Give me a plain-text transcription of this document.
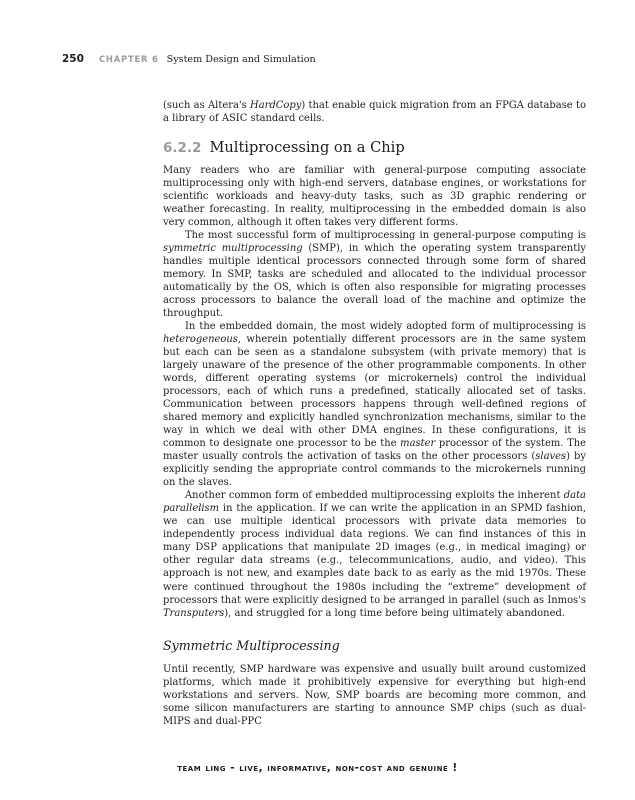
250 CHAPTER 6 System Design and Simulation

(such as Altera's HardCopy) that enable quick migration from an FPGA database to a library of ASIC standard cells.

6.2.2 Multiprocessing on a Chip

Many readers who are familiar with general-purpose computing associate multiprocessing only with high-end servers, database engines, or workstations for scientific workloads and heavy-duty tasks, such as 3D graphic rendering or weather forecasting. In reality, multiprocessing in the embedded domain is also very common, although it often takes very different forms.

The most successful form of multiprocessing in general-purpose computing is symmetric multiprocessing (SMP), in which the operating system transparently handles multiple identical processors connected through some form of shared memory. In SMP, tasks are scheduled and allocated to the individual processor automatically by the OS, which is often also responsible for migrating processes across processors to balance the overall load of the machine and optimize the throughput.

In the embedded domain, the most widely adopted form of multiprocessing is heterogeneous, wherein potentially different processors are in the same system but each can be seen as a standalone subsystem (with private memory) that is largely unaware of the presence of the other programmable components. In other words, different operating systems (or microkernels) control the individual processors, each of which runs a predefined, statically allocated set of tasks. Communication between processors happens through well-defined regions of shared memory and explicitly handled synchronization mechanisms, similar to the way in which we deal with other DMA engines. In these configurations, it is common to designate one processor to be the master processor of the system. The master usually controls the activation of tasks on the other processors (slaves) by explicitly sending the appropriate control commands to the microkernels running on the slaves.

Another common form of embedded multiprocessing exploits the inherent data parallelism in the application. If we can write the application in an SPMD fashion, we can use multiple identical processors with private data memories to independently process individual data regions. We can find instances of this in many DSP applications that manipulate 2D images (e.g., in medical imaging) or other regular data streams (e.g., telecommunications, audio, and video). This approach is not new, and examples date back to as early as the mid 1970s. These were continued throughout the 1980s including the “extreme” development of processors that were explicitly designed to be arranged in parallel (such as Inmos's Transputers), and struggled for a long time before being ultimately abandoned.

Symmetric Multiprocessing

Until recently, SMP hardware was expensive and usually built around customized platforms, which made it prohibitively expensive for everything but high-end workstations and servers. Now, SMP boards are becoming more common, and some silicon manufacturers are starting to announce SMP chips (such as dual-MIPS and dual-PPC

team ling - live, informative, non-cost and genuine !
